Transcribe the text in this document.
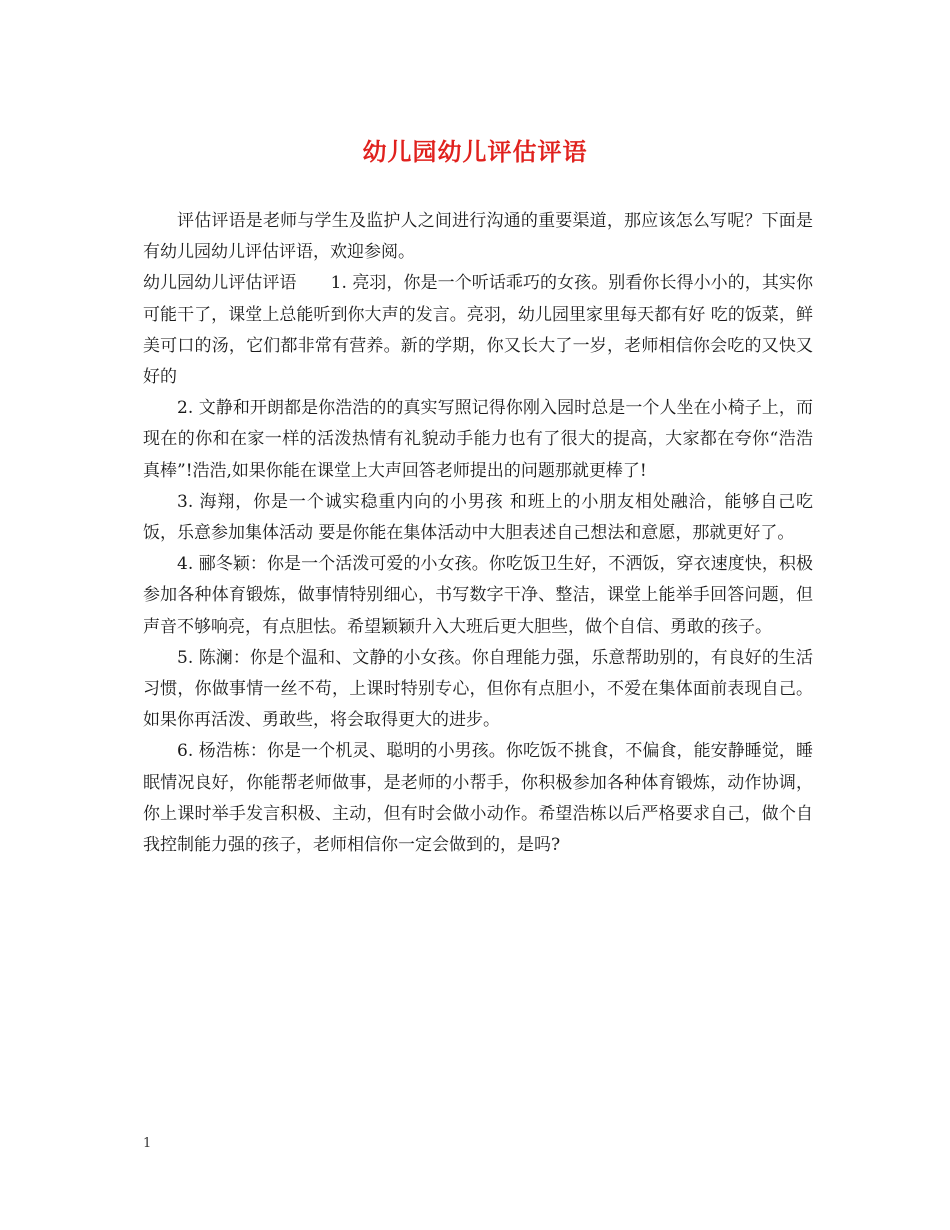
幼儿园幼儿评估评语

评估评语是老师与学生及监护人之间进行沟通的重要渠道，那应该怎么写呢？下面是有幼儿园幼儿评估评语，欢迎参阅。

幼儿园幼儿评估评语　　1. 亮羽，你是一个听话乖巧的女孩。别看你长得小小的，其实你可能干了，课堂上总能听到你大声的发言。亮羽，幼儿园里家里每天都有好 吃的饭菜，鲜美可口的汤，它们都非常有营养。新的学期，你又长大了一岁，老师相信你会吃的又快又好的

2. 文静和开朗都是你浩浩的的真实写照记得你刚入园时总是一个人坐在小椅子上，而现在的你和在家一样的活泼热情有礼貌动手能力也有了很大的提高，大家都在夸你“浩浩真棒”!浩浩,如果你能在课堂上大声回答老师提出的问题那就更棒了!

3. 海翔，你是一个诚实稳重内向的小男孩 和班上的小朋友相处融洽，能够自己吃饭，乐意参加集体活动 要是你能在集体活动中大胆表述自己想法和意愿，那就更好了。

4. 郦冬颖：你是一个活泼可爱的小女孩。你吃饭卫生好，不洒饭，穿衣速度快，积极参加各种体育锻炼，做事情特别细心，书写数字干净、整洁，课堂上能举手回答问题，但声音不够响亮，有点胆怯。希望颖颖升入大班后更大胆些，做个自信、勇敢的孩子。

5. 陈澜：你是个温和、文静的小女孩。你自理能力强，乐意帮助别的，有良好的生活习惯，你做事情一丝不苟，上课时特别专心，但你有点胆小，不爱在集体面前表现自己。如果你再活泼、勇敢些，将会取得更大的进步。

6. 杨浩栋：你是一个机灵、聪明的小男孩。你吃饭不挑食，不偏食，能安静睡觉，睡眠情况良好，你能帮老师做事，是老师的小帮手，你积极参加各种体育锻炼，动作协调，你上课时举手发言积极、主动，但有时会做小动作。希望浩栋以后严格要求自己，做个自我控制能力强的孩子，老师相信你一定会做到的，是吗?

1
